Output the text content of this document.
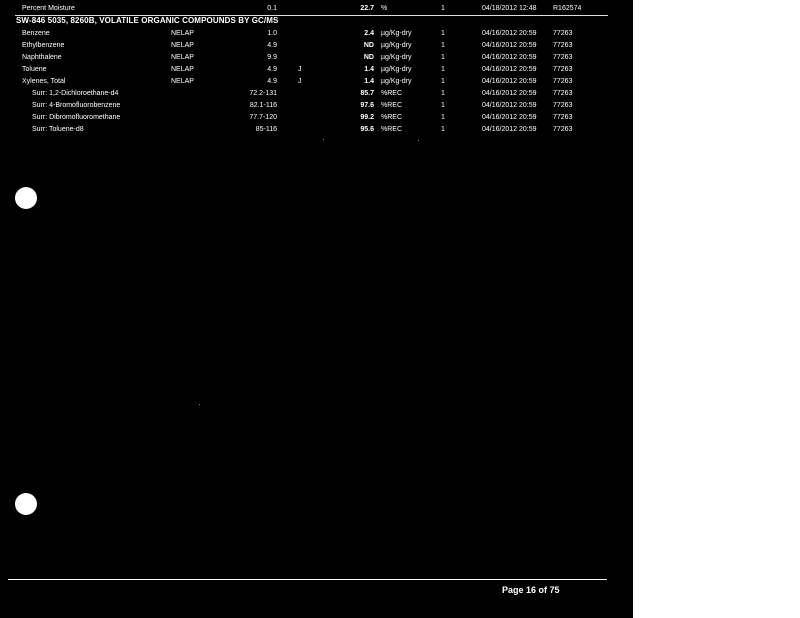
Percent Moisture	0.1	22.7 %	1	04/18/2012 12:48 R162574
SW-846 5035, 8260B, VOLATILE ORGANIC COMPOUNDS BY GC/MS
Benzene	NELAP	1.0	2.4 µg/Kg-dry	1	04/16/2012 20:59 77263
Ethylbenzene	NELAP	4.9	ND µg/Kg-dry	1	04/16/2012 20:59 77263
Naphthalene	NELAP	9.9	ND µg/Kg-dry	1	04/16/2012 20:59 77263
Toluene	NELAP	4.9	J	1.4 µg/Kg-dry	1	04/16/2012 20:59 77263
Xylenes, Total	NELAP	4.9	J	1.4 µg/Kg-dry	1	04/16/2012 20:59 77263
Surr: 1,2-Dichloroethane-d4	72.2-131	85.7 %REC	1	04/16/2012 20:59 77263
Surr: 4-Bromofluorobenzene	82.1-116	97.6 %REC	1	04/16/2012 20:59 77263
Surr: Dibromofluoromethane	77.7-120	99.2 %REC	1	04/16/2012 20:59 77263
Surr: Toluene-d8	85-116	95.6 %REC	1	04/16/2012 20:59 77263
Page 16 of 75
